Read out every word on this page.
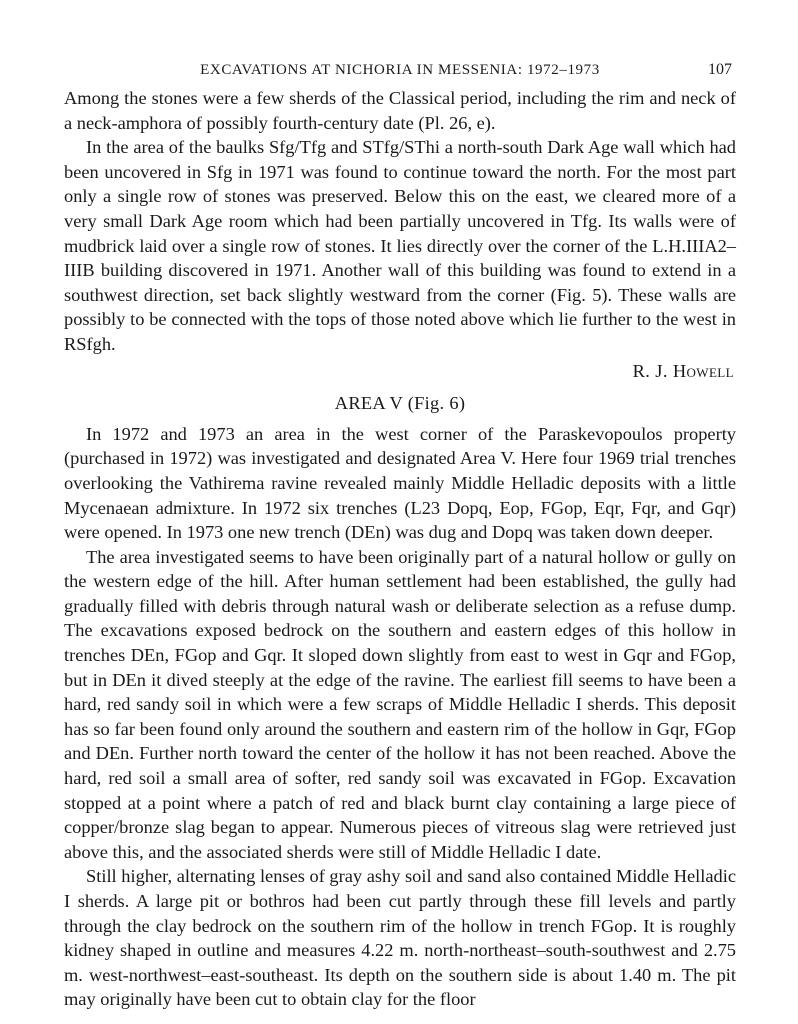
EXCAVATIONS AT NICHORIA IN MESSENIA: 1972–1973	107

Among the stones were a few sherds of the Classical period, including the rim and neck of a neck-amphora of possibly fourth-century date (Pl. 26, e).

In the area of the baulks Sfg/Tfg and STfg/SThi a north-south Dark Age wall which had been uncovered in Sfg in 1971 was found to continue toward the north. For the most part only a single row of stones was preserved. Below this on the east, we cleared more of a very small Dark Age room which had been partially uncovered in Tfg. Its walls were of mudbrick laid over a single row of stones. It lies directly over the corner of the L.H.IIIA2–IIIB building discovered in 1971. Another wall of this building was found to extend in a southwest direction, set back slightly westward from the corner (Fig. 5). These walls are possibly to be connected with the tops of those noted above which lie further to the west in RSfgh.

R. J. Howell
AREA V (Fig. 6)

In 1972 and 1973 an area in the west corner of the Paraskevopoulos property (purchased in 1972) was investigated and designated Area V. Here four 1969 trial trenches overlooking the Vathirema ravine revealed mainly Middle Helladic deposits with a little Mycenaean admixture. In 1972 six trenches (L23 Dopq, Eop, FGop, Eqr, Fqr, and Gqr) were opened. In 1973 one new trench (DEn) was dug and Dopq was taken down deeper.

The area investigated seems to have been originally part of a natural hollow or gully on the western edge of the hill. After human settlement had been established, the gully had gradually filled with debris through natural wash or deliberate selection as a refuse dump. The excavations exposed bedrock on the southern and eastern edges of this hollow in trenches DEn, FGop and Gqr. It sloped down slightly from east to west in Gqr and FGop, but in DEn it dived steeply at the edge of the ravine. The earliest fill seems to have been a hard, red sandy soil in which were a few scraps of Middle Helladic I sherds. This deposit has so far been found only around the southern and eastern rim of the hollow in Gqr, FGop and DEn. Further north toward the center of the hollow it has not been reached. Above the hard, red soil a small area of softer, red sandy soil was excavated in FGop. Excavation stopped at a point where a patch of red and black burnt clay containing a large piece of copper/bronze slag began to appear. Numerous pieces of vitreous slag were retrieved just above this, and the associated sherds were still of Middle Helladic I date.

Still higher, alternating lenses of gray ashy soil and sand also contained Middle Helladic I sherds. A large pit or bothros had been cut partly through these fill levels and partly through the clay bedrock on the southern rim of the hollow in trench FGop. It is roughly kidney shaped in outline and measures 4.22 m. north-northeast–south-southwest and 2.75 m. west-northwest–east-southeast. Its depth on the southern side is about 1.40 m. The pit may originally have been cut to obtain clay for the floor
